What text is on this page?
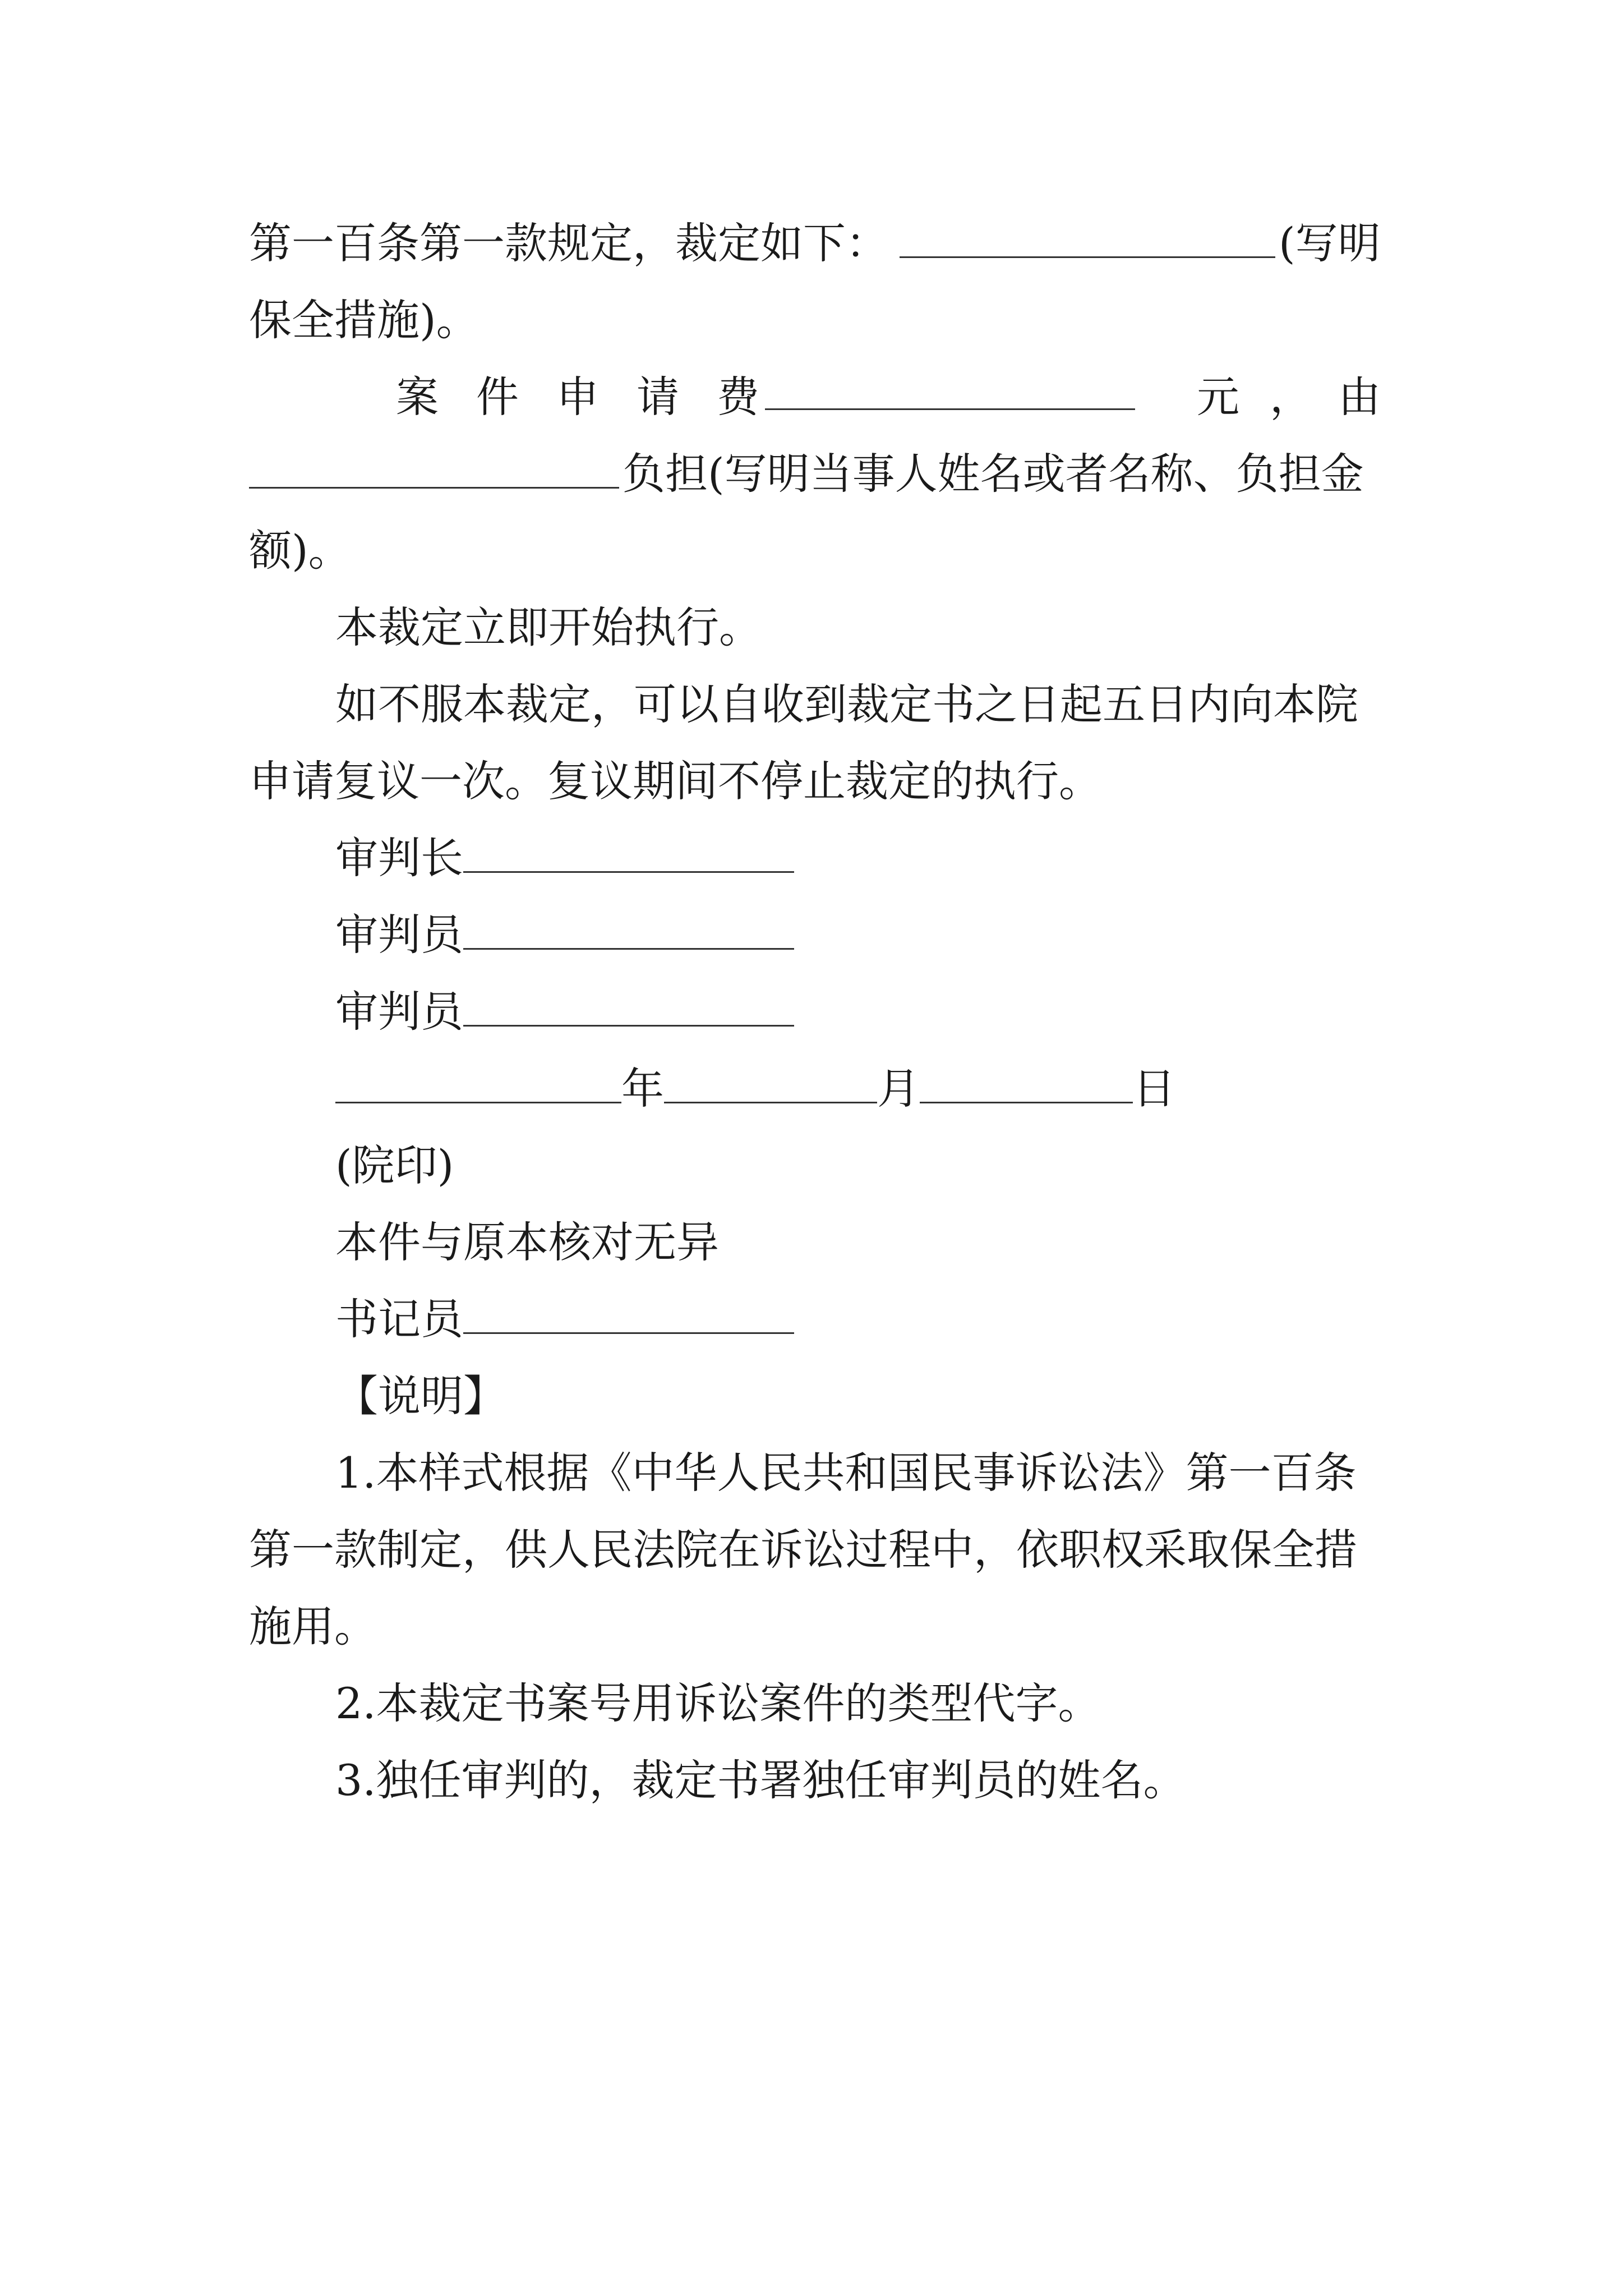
第一百条第一款规定，裁定如下：	(写明
保全措施)。
案 件 申 请 费	元 ， 由
负担(写明当事人姓名或者名称、负担金
额)。
本裁定立即开始执行。
如不服本裁定，可以自收到裁定书之日起五日内向本院
申请复议一次。复议期间不停止裁定的执行。
审判长
审判员
审判员
年	月	日
(院印)
本件与原本核对无异
书记员
【说明】
1.本样式根据《中华人民共和国民事诉讼法》第一百条
第一款制定，供人民法院在诉讼过程中，依职权采取保全措
施用。
2.本裁定书案号用诉讼案件的类型代字。
3.独任审判的，裁定书署独任审判员的姓名。
